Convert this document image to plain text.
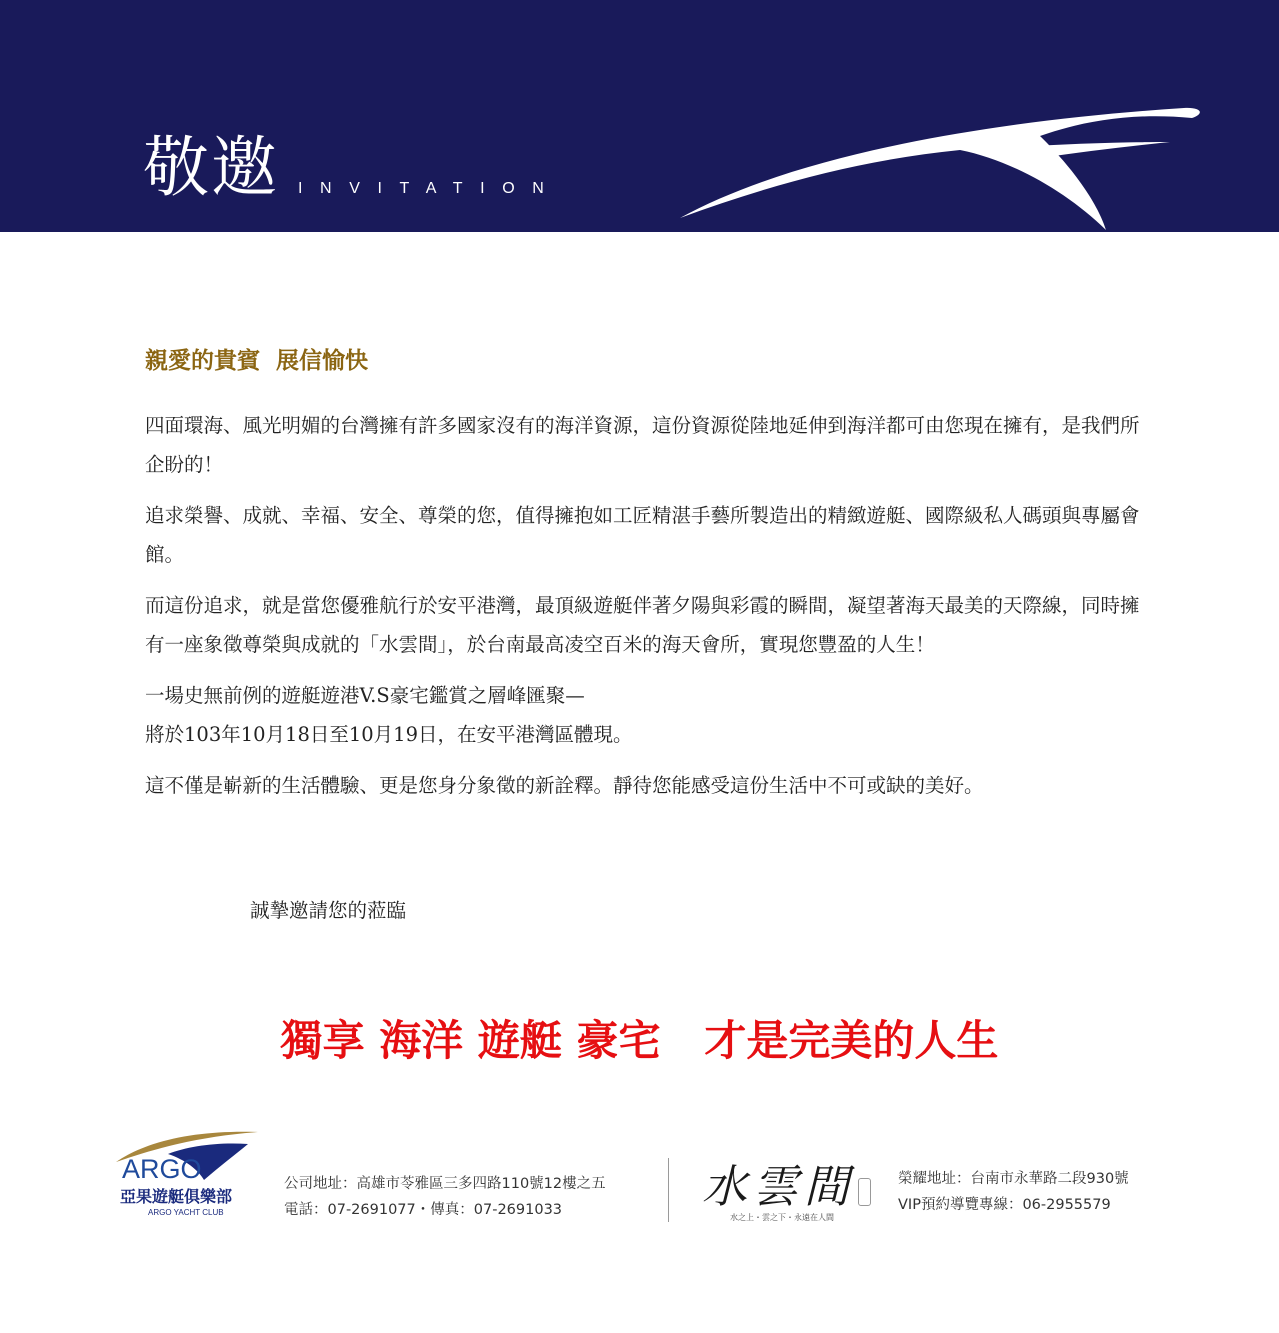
敬邀 INVITATION
親愛的貴賓  展信愉快

四面環海、風光明媚的台灣擁有許多國家沒有的海洋資源，這份資源從陸地延伸到海洋都可由您現在擁有，是我們所企盼的！

追求榮譽、成就、幸福、安全、尊榮的您，值得擁抱如工匠精湛手藝所製造出的精緻遊艇、國際級私人碼頭與專屬會館。

而這份追求，就是當您優雅航行於安平港灣，最頂級遊艇伴著夕陽與彩霞的瞬間，凝望著海天最美的天際線，同時擁有一座象徵尊榮與成就的「水雲間」，於台南最高凌空百米的海天會所，實現您豐盈的人生！

一場史無前例的遊艇遊港V.S豪宅鑑賞之層峰匯聚—

將於103年10月18日至10月19日，在安平港灣區體現。

這不僅是嶄新的生活體驗、更是您身分象徵的新詮釋。靜待您能感受這份生活中不可或缺的美好。

誠摯邀請您的蒞臨
獨享 海洋 遊艇 豪宅   才是完美的人生
ARGO
亞果遊艇俱樂部
ARGO YACHT CLUB
公司地址：高雄市苓雅區三多四路110號12樓之五
電話：07-2691077・傳真：07-2691033	水雲間
水之上・雲之下・永遠在人間
榮耀地址：台南市永華路二段930號
VIP預約導覽專線：06-2955579
